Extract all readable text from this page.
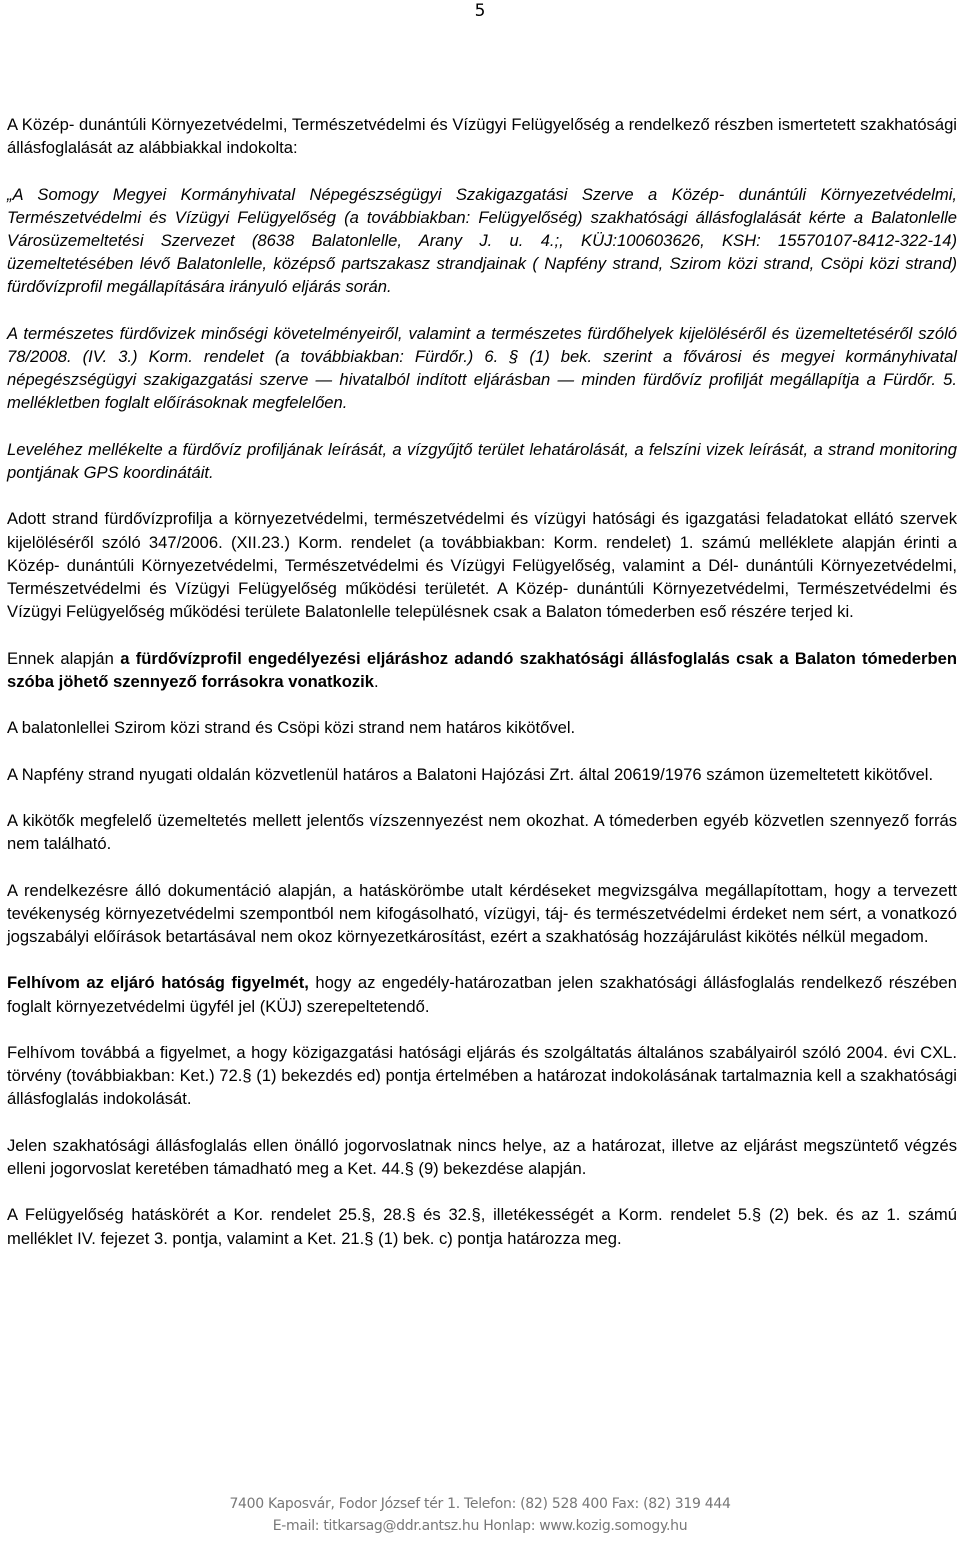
5

A Közép- dunántúli Környezetvédelmi, Természetvédelmi és Vízügyi Felügyelőség a rendelkező részben ismertetett szakhatósági állásfoglalását az alábbiakkal indokolta:

„A Somogy Megyei Kormányhivatal Népegészségügyi Szakigazgatási Szerve a Közép- dunántúli Környezetvédelmi, Természetvédelmi és Vízügyi Felügyelőség (a továbbiakban: Felügyelőség) szakhatósági állásfoglalását kérte a Balatonlelle Városüzemeltetési Szervezet (8638 Balatonlelle, Arany J. u. 4.;, KÜJ:100603626, KSH: 15570107-8412-322-14) üzemeltetésében lévő Balatonlelle, középső partszakasz strandjainak ( Napfény strand, Szirom közi strand, Csöpi közi strand) fürdővízprofil megállapítására irányuló eljárás során.

A természetes fürdővizek minőségi követelményeiről, valamint a természetes fürdőhelyek kijelöléséről és üzemeltetéséről szóló 78/2008. (IV. 3.) Korm. rendelet (a továbbiakban: Fürdőr.) 6. § (1) bek. szerint a fővárosi és megyei kormányhivatal népegészségügyi szakigazgatási szerve — hivatalból indított eljárásban — minden fürdővíz profilját megállapítja a Fürdőr. 5. mellékletben foglalt előírásoknak megfelelően.

Leveléhez mellékelte a fürdővíz profiljának leírását, a vízgyűjtő terület lehatárolását, a felszíni vizek leírását, a strand monitoring pontjának GPS koordinátáit.

Adott strand fürdővízprofilja a környezetvédelmi, természetvédelmi és vízügyi hatósági és igazgatási feladatokat ellátó szervek kijelöléséről szóló 347/2006. (XII.23.) Korm. rendelet (a továbbiakban: Korm. rendelet) 1. számú melléklete alapján érinti a Közép- dunántúli Környezetvédelmi, Természetvédelmi és Vízügyi Felügyelőség, valamint a Dél- dunántúli Környezetvédelmi, Természetvédelmi és Vízügyi Felügyelőség működési területét. A Közép- dunántúli Környezetvédelmi, Természetvédelmi és Vízügyi Felügyelőség működési területe Balatonlelle településnek csak a Balaton tómederben eső részére terjed ki.

Ennek alapján a fürdővízprofil engedélyezési eljáráshoz adandó szakhatósági állásfoglalás csak a Balaton tómederben szóba jöhető szennyező forrásokra vonatkozik.

A balatonlellei Szirom közi strand és Csöpi közi strand nem határos kikötővel.

A Napfény strand nyugati oldalán közvetlenül határos a Balatoni Hajózási Zrt. által 20619/1976 számon üzemeltetett kikötővel.

A kikötők megfelelő üzemeltetés mellett jelentős vízszennyezést nem okozhat. A tómederben egyéb közvetlen szennyező forrás nem található.

A rendelkezésre álló dokumentáció alapján, a hatáskörömbe utalt kérdéseket megvizsgálva megállapítottam, hogy a tervezett tevékenység környezetvédelmi szempontból nem kifogásolható, vízügyi, táj- és természetvédelmi érdeket nem sért, a vonatkozó jogszabályi előírások betartásával nem okoz környezetkárosítást, ezért a szakhatóság hozzájárulást kikötés nélkül megadom.

Felhívom az eljáró hatóság figyelmét, hogy az engedély-határozatban jelen szakhatósági állásfoglalás rendelkező részében foglalt környezetvédelmi ügyfél jel (KÜJ) szerepeltetendő.

Felhívom továbbá a figyelmet, a hogy közigazgatási hatósági eljárás és szolgáltatás általános szabályairól szóló 2004. évi CXL. törvény (továbbiakban: Ket.) 72.§ (1) bekezdés ed) pontja értelmében a határozat indokolásának tartalmaznia kell a szakhatósági állásfoglalás indokolását.

Jelen szakhatósági állásfoglalás ellen önálló jogorvoslatnak nincs helye, az a határozat, illetve az eljárást megszüntető végzés elleni jogorvoslat keretében támadható meg a Ket. 44.§ (9) bekezdése alapján.

A Felügyelőség hatáskörét a Kor. rendelet 25.§, 28.§ és 32.§, illetékességét a Korm. rendelet 5.§ (2) bek. és az 1. számú melléklet IV. fejezet 3. pontja, valamint a Ket. 21.§ (1) bek. c) pontja határozza meg.

7400 Kaposvár, Fodor József tér 1. Telefon: (82) 528 400 Fax: (82) 319 444
E-mail: titkarsag@ddr.antsz.hu Honlap: www.kozig.somogy.hu
